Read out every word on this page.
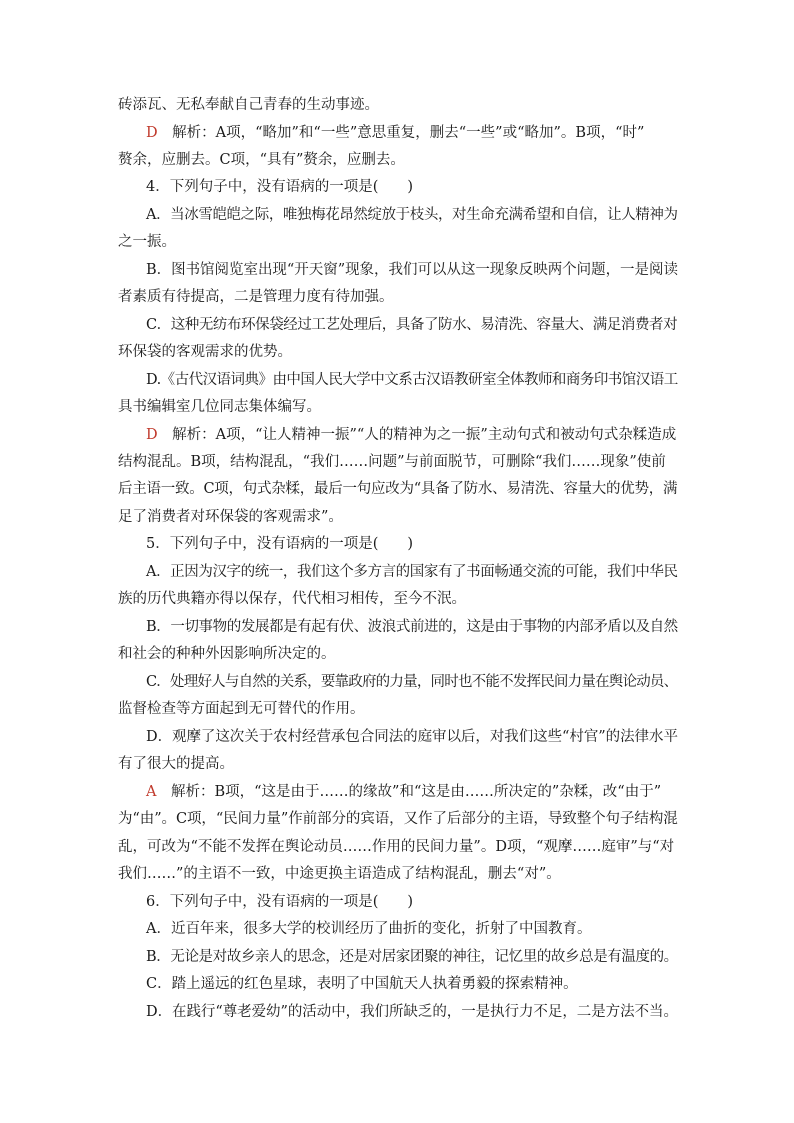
砖添瓦、无私奉献自己青春的生动事迹。
D　解析：A项，“略加”和“一些”意思重复，删去“一些”或“略加”。B项，“时”
赘余，应删去。C项，“具有”赘余，应删去。
4．下列句子中，没有语病的一项是(　　)
A．当冰雪皑皑之际，唯独梅花昂然绽放于枝头，对生命充满希望和自信，让人精神为
之一振。
B．图书馆阅览室出现“开天窗”现象，我们可以从这一现象反映两个问题，一是阅读
者素质有待提高，二是管理力度有待加强。
C．这种无纺布环保袋经过工艺处理后，具备了防水、易清洗、容量大、满足消费者对
环保袋的客观需求的优势。
D.《古代汉语词典》由中国人民大学中文系古汉语教研室全体教师和商务印书馆汉语工
具书编辑室几位同志集体编写。
D　解析：A项，“让人精神一振”“人的精神为之一振”主动句式和被动句式杂糅造成
结构混乱。B项，结构混乱，“我们……问题”与前面脱节，可删除“我们……现象”使前
后主语一致。C项，句式杂糅，最后一句应改为“具备了防水、易清洗、容量大的优势，满
足了消费者对环保袋的客观需求”。
5．下列句子中，没有语病的一项是(　　)
A．正因为汉字的统一，我们这个多方言的国家有了书面畅通交流的可能，我们中华民
族的历代典籍亦得以保存，代代相习相传，至今不泯。
B．一切事物的发展都是有起有伏、波浪式前进的，这是由于事物的内部矛盾以及自然
和社会的种种外因影响所决定的。
C．处理好人与自然的关系，要靠政府的力量，同时也不能不发挥民间力量在舆论动员、
监督检查等方面起到无可替代的作用。
D．观摩了这次关于农村经营承包合同法的庭审以后，对我们这些“村官”的法律水平
有了很大的提高。
A　解析：B项，“这是由于……的缘故”和“这是由……所决定的”杂糅，改“由于”
为“由”。C项，“民间力量”作前部分的宾语，又作了后部分的主语，导致整个句子结构混
乱，可改为“不能不发挥在舆论动员……作用的民间力量”。D项，“观摩……庭审”与“对
我们……”的主语不一致，中途更换主语造成了结构混乱，删去“对”。
6．下列句子中，没有语病的一项是(　　)
A．近百年来，很多大学的校训经历了曲折的变化，折射了中国教育。
B．无论是对故乡亲人的思念，还是对居家团聚的神往，记忆里的故乡总是有温度的。
C．踏上遥远的红色星球，表明了中国航天人执着勇毅的探索精神。
D．在践行“尊老爱幼”的活动中，我们所缺乏的，一是执行力不足，二是方法不当。
